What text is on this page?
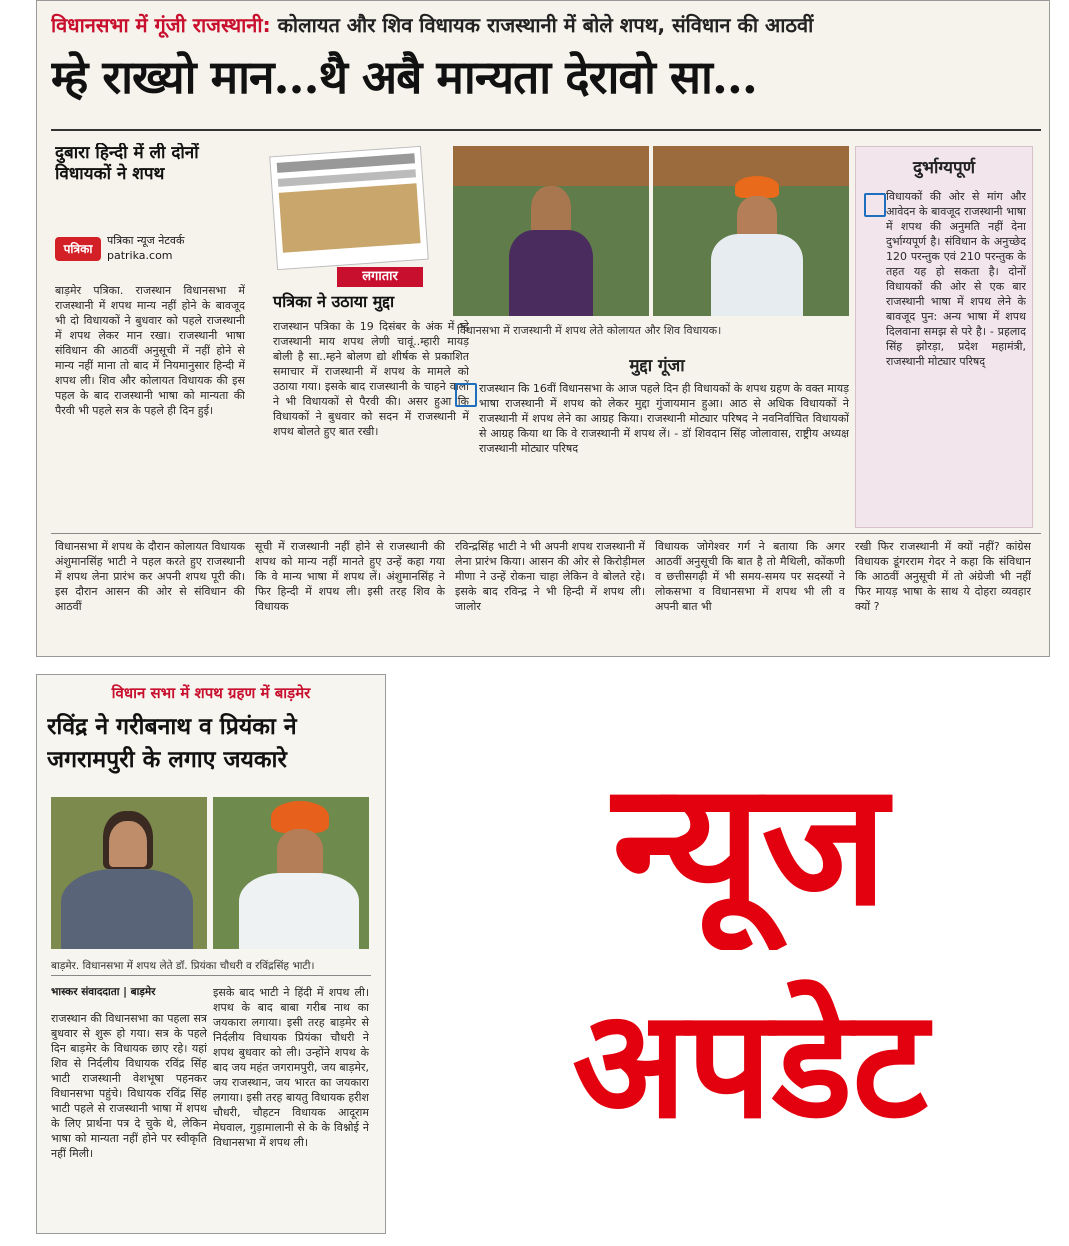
विधानसभा में गूंजी राजस्थानी: कोलायत और शिव विधायक राजस्थानी में बोले शपथ, संविधान की आठवीं
म्हे राख्यो मान...थै अबै मान्यता देरावो सा...
दुबारा हिन्दी में ली दोनों विधायकों ने शपथ
पत्रिका
पत्रिका न्यूज नेटवर्क
patrika.com
बाड़मेर पत्रिका. राजस्थान विधानसभा में राजस्थानी में शपथ मान्य नहीं होने के बावजूद भी दो विधायकों ने बुधवार को पहले राजस्थानी में शपथ लेकर मान रखा। राजस्थानी भाषा संविधान की आठवीं अनुसूची में नहीं होने से मान्य नहीं माना तो बाद में नियमानुसार हिन्दी में शपथ ली। शिव और कोलायत विधायक की इस पहल के बाद राजस्थानी भाषा को मान्यता की पैरवी भी पहले सत्र के पहले ही दिन हुई।
लगातार
पत्रिका ने उठाया मुद्दा
राजस्थान पत्रिका के 19 दिसंबर के अंक में म्हे राजस्थानी माय शपथ लेणी चावूं..म्हारी मायड़ बोली है सा..म्हने बोलण द्यो शीर्षक से प्रकाशित समाचार में राजस्थानी में शपथ के मामले को उठाया गया। इसके बाद राजस्थानी के चाहने वालों ने भी विधायकों से पैरवी की। असर हुआ कि विधायकों ने बुधवार को सदन में राजस्थानी में शपथ बोलते हुए बात रखी।
विधानसभा में राजस्थानी में शपथ लेते कोलायत और शिव विधायक।
मुद्दा गूंजा
राजस्थान कि 16वीं विधानसभा के आज पहले दिन ही विधायकों के शपथ ग्रहण के वक्त मायड़ भाषा राजस्थानी में शपथ को लेकर मुद्दा गुंजायमान हुआ। आठ से अधिक विधायकों ने राजस्थानी में शपथ लेने का आग्रह किया। राजस्थानी मोट्यार परिषद ने नवनिर्वाचित विधायकों से आग्रह किया था कि वे राजस्थानी में शपथ लें। - डॉ शिवदान सिंह जोलावास, राष्ट्रीय अध्यक्ष राजस्थानी मोट्यार परिषद
दुर्भाग्यपूर्ण
विधायकों की ओर से मांग और आवेदन के बावजूद राजस्थानी भाषा में शपथ की अनुमति नहीं देना दुर्भाग्यपूर्ण है। संविधान के अनुच्छेद 120 परन्तुक एवं 210 परन्तुक के तहत यह हो सकता है। दोनों विधायकों की ओर से एक बार राजस्थानी भाषा में शपथ लेने के बावजूद पुन: अन्य भाषा में शपथ दिलवाना समझ से परे है। - प्रहलाद सिंह झोरड़ा, प्रदेश महामंत्री, राजस्थानी मोट्यार परिषद्
विधानसभा में शपथ के दौरान कोलायत विधायक अंशुमानसिंह भाटी ने पहल करते हुए राजस्थानी में शपथ लेना प्रारंभ कर अपनी शपथ पूरी की। इस दौरान आसन की ओर से संविधान की आठवीं
सूची में राजस्थानी नहीं होने से राजस्थानी की शपथ को मान्य नहीं मानते हुए उन्हें कहा गया कि वे मान्य भाषा में शपथ लें। अंशुमानसिंह ने फिर हिन्दी में शपथ ली। इसी तरह शिव के विधायक
रविन्द्रसिंह भाटी ने भी अपनी शपथ राजस्थानी में लेना प्रारंभ किया। आसन की ओर से किरोड़ीमल मीणा ने उन्हें रोकना चाहा लेकिन वे बोलते रहे। इसके बाद रविन्द्र ने भी हिन्दी में शपथ ली। जालोर
विधायक जोगेश्वर गर्ग ने बताया कि अगर आठवीं अनुसूची कि बात है तो मैथिली, कोंकणी व छत्तीसगढ़ी में भी समय-समय पर सदस्यों ने लोकसभा व विधानसभा में शपथ भी ली व अपनी बात भी
रखी फिर राजस्थानी में क्यों नहीं? कांग्रेस विधायक डूंगरराम गेदर ने कहा कि संविधान कि आठवीं अनुसूची में तो अंग्रेजी भी नहीं फिर मायड़ भाषा के साथ ये दोहरा व्यवहार क्यों ?
विधान सभा में शपथ ग्रहण में बाड़मेर
रविंद्र ने गरीबनाथ व प्रियंका ने
जगरामपुरी के लगाए जयकारे
बाड़मेर. विधानसभा में शपथ लेते डॉ. प्रियंका चौधरी व रविंद्रसिंह भाटी।
भास्कर संवाददाता | बाड़मेर
राजस्थान की विधानसभा का पहला सत्र बुधवार से शुरू हो गया। सत्र के पहले दिन बाड़मेर के विधायक छाए रहे। यहां शिव से निर्दलीय विधायक रविंद्र सिंह भाटी राजस्थानी वेशभूषा पहनकर विधानसभा पहुंचे। विधायक रविंद्र सिंह भाटी पहले से राजस्थानी भाषा में शपथ के लिए प्रार्थना पत्र दे चुके थे, लेकिन भाषा को मान्यता नहीं होने पर स्वीकृति नहीं मिली।
इसके बाद भाटी ने हिंदी में शपथ ली। शपथ के बाद बाबा गरीब नाथ का जयकारा लगाया। इसी तरह बाड़मेर से निर्दलीय विधायक प्रियंका चौधरी ने शपथ बुधवार को ली। उन्होंने शपथ के बाद जय महंत जगरामपुरी, जय बाड़मेर, जय राजस्थान, जय भारत का जयकारा लगाया। इसी तरह बायतु विधायक हरीश चौधरी, चौहटन विधायक आदूराम मेघवाल, गुड़ामालानी से के के विश्नोई ने विधानसभा में शपथ ली।
न्यूज
अपडेट
